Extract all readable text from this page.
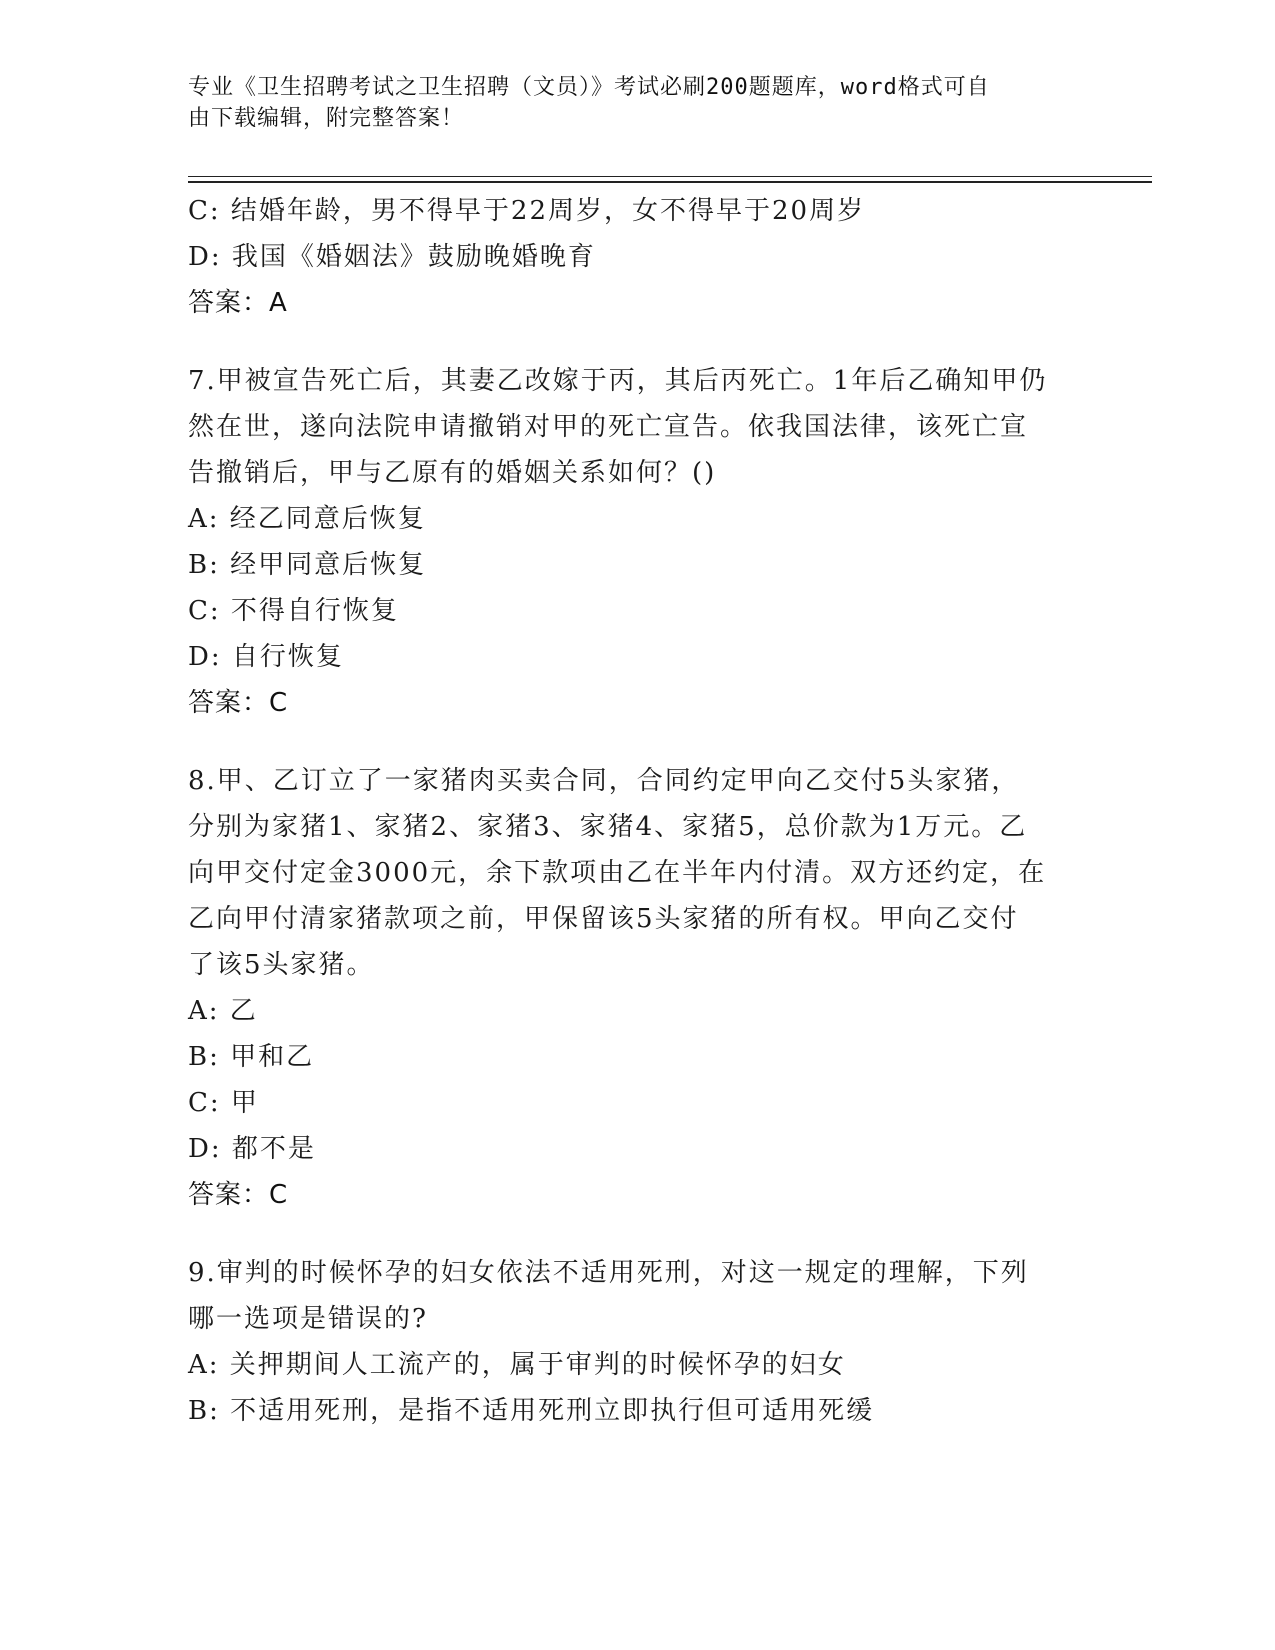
专业《卫生招聘考试之卫生招聘（文员）》考试必刷200题题库，word格式可自
由下载编辑，附完整答案！
C: 结婚年龄，男不得早于22周岁，女不得早于20周岁
D: 我国《婚姻法》鼓励晚婚晚育
答案：A
7.甲被宣告死亡后，其妻乙改嫁于丙，其后丙死亡。1年后乙确知甲仍
然在世，遂向法院申请撤销对甲的死亡宣告。依我国法律，该死亡宣
告撤销后，甲与乙原有的婚姻关系如何？()
A: 经乙同意后恢复
B: 经甲同意后恢复
C: 不得自行恢复
D: 自行恢复
答案：C
8.甲、乙订立了一家猪肉买卖合同，合同约定甲向乙交付5头家猪，
分别为家猪1、家猪2、家猪3、家猪4、家猪5，总价款为1万元。乙
向甲交付定金3000元，余下款项由乙在半年内付清。双方还约定，在
乙向甲付清家猪款项之前，甲保留该5头家猪的所有权。甲向乙交付
了该5头家猪。
A: 乙
B: 甲和乙
C: 甲
D: 都不是
答案：C
9.审判的时候怀孕的妇女依法不适用死刑，对这一规定的理解，下列
哪一选项是错误的?
A: 关押期间人工流产的，属于审判的时候怀孕的妇女
B: 不适用死刑，是指不适用死刑立即执行但可适用死缓
